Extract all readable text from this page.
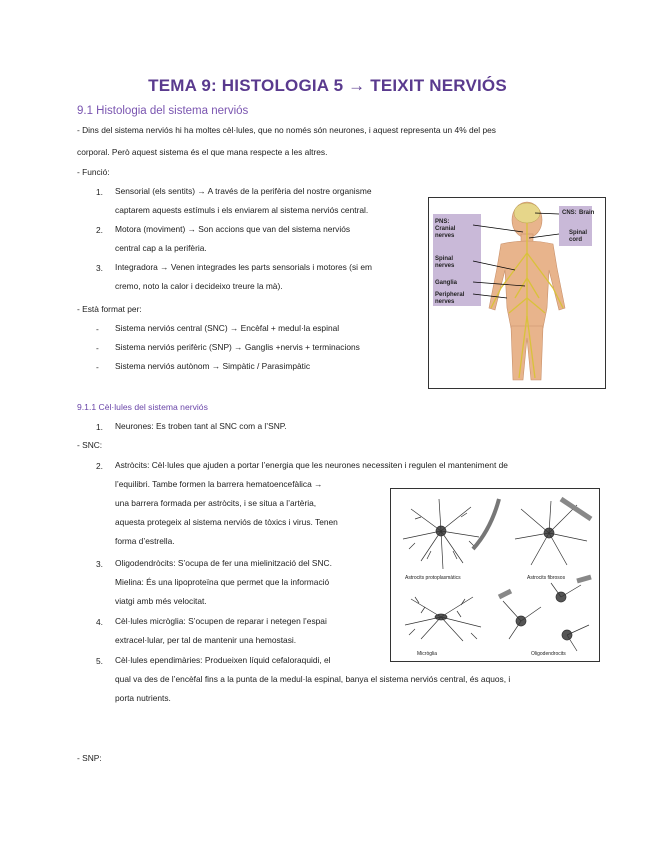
TEMA 9: HISTOLOGIA 5 → TEIXIT NERVIÓS
9.1 Histologia del sistema nerviós
- Dins del sistema nerviós hi ha moltes cèl·lules, que no només són neurones, i aquest representa un 4% del pes
corporal. Però aquest sistema és el que mana respecte a les altres.
- Funció:
1. Sensorial (els sentits) → A través de la perifèria del nostre organisme
captarem aquests estímuls i els enviarem al sistema nerviós central.
2. Motora (moviment) → Son accions que van del sistema nerviós
central cap a la perifèria.
3. Integradora → Venen integrades les parts sensorials i motores (si em
cremo, noto la calor i decideixo treure la mà).
- Està format per:
- Sistema nerviós central (SNC) → Encèfal + medul·la espinal
- Sistema nerviós perifèric (SNP) → Ganglis +nervis + terminacions
- Sistema nerviós autònom → Simpàtic / Parasimpàtic
PNS:
Cranial
nerves
Spinal
nerves
Ganglia
Peripheral
nerves
CNS: Brain
Spinal
cord
9.1.1 Cèl·lules del sistema nerviós
1. Neurones: Es troben tant al SNC com a l’SNP.
- SNC:
2. Astròcits: Cèl·lules que ajuden a portar l’energia que les neurones necessiten i regulen el manteniment de
l’equilibri. Tambe formen la barrera hematoencefàlica →
una barrera formada per astròcits, i se situa a l’artèria,
aquesta protegeix al sistema nerviós de tòxics i virus. Tenen
forma d’estrella.
3. Oligodendròcits: S’ocupa de fer una mielinització del SNC.
Mielina: És una lipoproteïna que permet que la informació
viatgi amb més velocitat.
4. Cèl·lules micròglia: S’ocupen de reparar i netegen l’espai
extracel·lular, per tal de mantenir una hemostasi.
5. Cèl·lules ependimàries: Produeixen líquid cefaloraquidi, el
qual va des de l’encèfal fins a la punta de la medul·la espinal, banya el sistema nerviós central, és aquos, i
porta nutrients.
Astrocits protoplasmàtics	Astrocits fibrosos
Micròglia	Oligodendrocits
- SNP:
